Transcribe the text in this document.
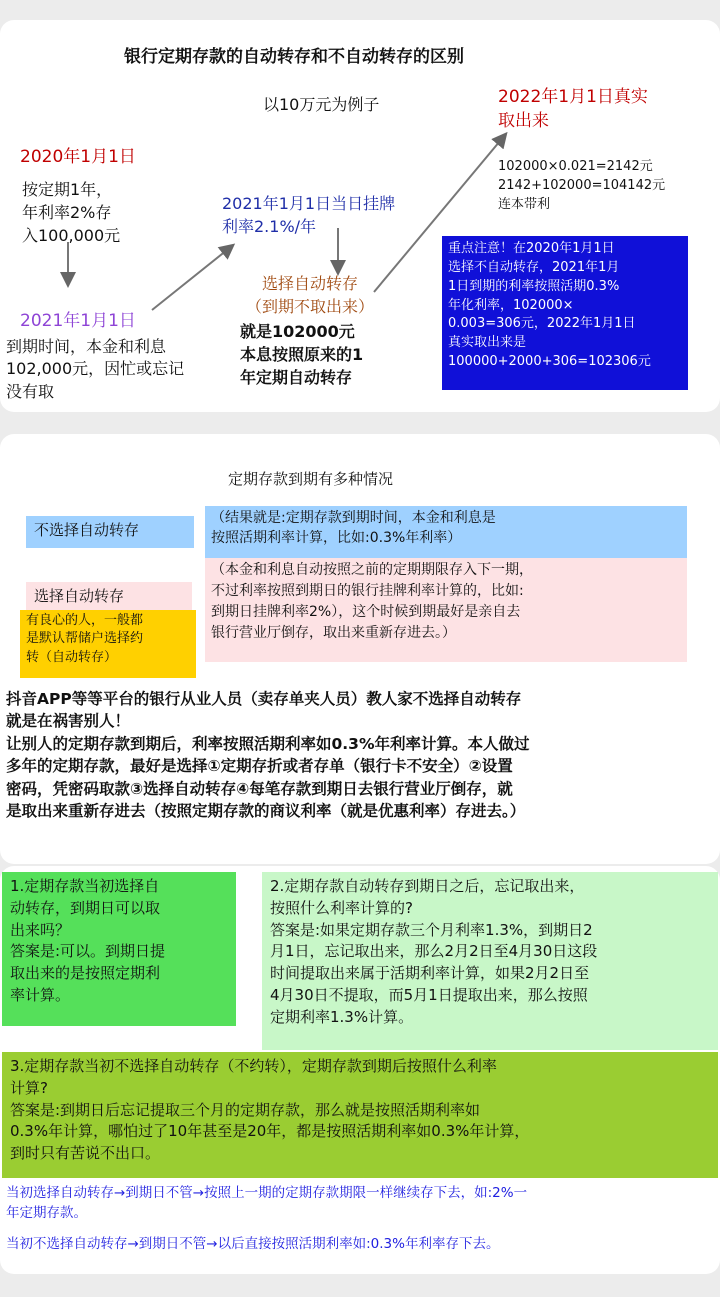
银行定期存款的自动转存和不自动转存的区别
以10万元为例子
2020年1月1日
按定期1年，
年利率2%存
入100,000元
2021年1月1日
到期时间，本金和利息
102,000元，因忙或忘记
没有取
2021年1月1日当日挂牌
利率2.1%/年
选择自动转存
（到期不取出来）
就是102000元
本息按照原来的1
年定期自动转存
2022年1月1日真实
取出来
102000×0.021=2142元
2142+102000=104142元
连本带利
重点注意！在2020年1月1日
选择不自动转存，2021年1月
1日到期的利率按照活期0.3%
年化利率，102000×
0.003=306元，2022年1月1日
真实取出来是
100000+2000+306=102306元
定期存款到期有多种情况
不选择自动转存
（结果就是:定期存款到期时间，本金和利息是
按照活期利率计算，比如:0.3%年利率）
选择自动转存
（本金和利息自动按照之前的定期期限存入下一期，
不过利率按照到期日的银行挂牌利率计算的，比如:
到期日挂牌利率2%），这个时候到期最好是亲自去
银行营业厅倒存，取出来重新存进去。）
有良心的人，一般都
是默认帮储户选择约
转（自动转存）
抖音APP等等平台的银行从业人员（卖存单夹人员）教人家不选择自动转存
就是在祸害别人！
让别人的定期存款到期后，利率按照活期利率如0.3%年利率计算。本人做过
多年的定期存款，最好是选择①定期存折或者存单（银行卡不安全）②设置
密码，凭密码取款③选择自动转存④每笔存款到期日去银行营业厅倒存，就
是取出来重新存进去（按照定期存款的商议利率（就是优惠利率）存进去。）
1.定期存款当初选择自
动转存，到期日可以取
出来吗？
答案是:可以。到期日提
取出来的是按照定期利
率计算。
2.定期存款自动转存到期日之后，忘记取出来，
按照什么利率计算的?
答案是:如果定期存款三个月利率1.3%，到期日2
月1日，忘记取出来，那么2月2日至4月30日这段
时间提取出来属于活期利率计算，如果2月2日至
4月30日不提取，而5月1日提取出来，那么按照
定期利率1.3%计算。
3.定期存款当初不选择自动转存（不约转），定期存款到期后按照什么利率
计算?
答案是:到期日后忘记提取三个月的定期存款，那么就是按照活期利率如
0.3%年计算，哪怕过了10年甚至是20年，都是按照活期利率如0.3%年计算，
到时只有苦说不出口。
当初选择自动转存→到期日不管→按照上一期的定期存款期限一样继续存下去，如:2%一
年定期存款。
当初不选择自动转存→到期日不管→以后直接按照活期利率如:0.3%年利率存下去。
